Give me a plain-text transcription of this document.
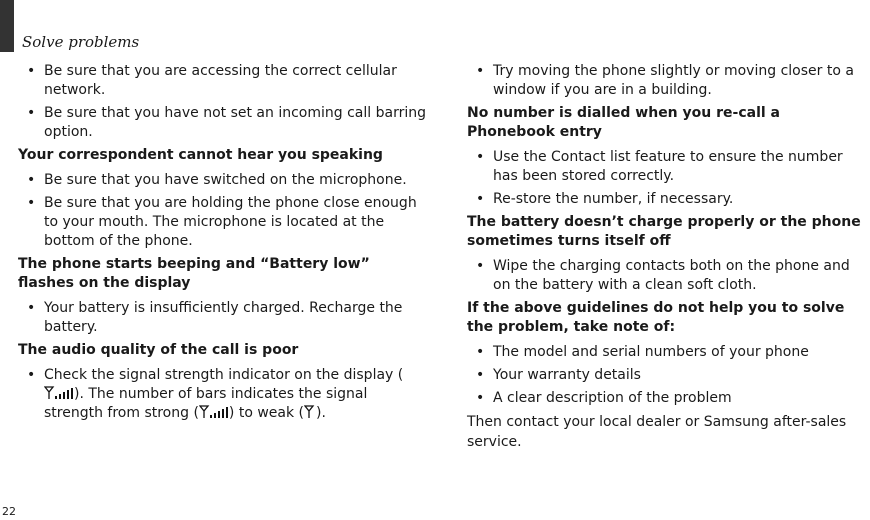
Solve problems
• Be sure that you are accessing the correct cellular network.
• Be sure that you have not set an incoming call barring option.
Your correspondent cannot hear you speaking
• Be sure that you have switched on the microphone.
• Be sure that you are holding the phone close enough to your mouth. The microphone is located at the bottom of the phone.
The phone starts beeping and “Battery low” flashes on the display
• Your battery is insufficiently charged. Recharge the battery.
The audio quality of the call is poor
• Check the signal strength indicator on the display (). The number of bars indicates the signal strength from strong ( ) to weak ( ).
• Try moving the phone slightly or moving closer to a window if you are in a building.
No number is dialled when you re-call a Phonebook entry
• Use the Contact list feature to ensure the number has been stored correctly.
• Re-store the number, if necessary.
The battery doesn’t charge properly or the phone sometimes turns itself off
• Wipe the charging contacts both on the phone and on the battery with a clean soft cloth.
If the above guidelines do not help you to solve the problem, take note of:
• The model and serial numbers of your phone
• Your warranty details
• A clear description of the problem
Then contact your local dealer or Samsung after-sales service.
22
